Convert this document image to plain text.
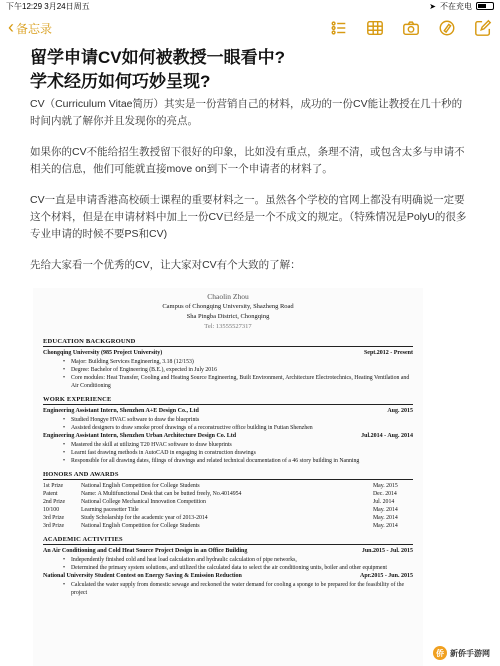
下午12:29 3月24日周五	➤ 不在充电
‹ 备忘录
留学申请CV如何被教授一眼看中?
学术经历如何巧妙呈现?

CV（Curriculum Vitae简历）其实是一份营销自己的材料，成功的一份CV能让教授在几十秒的时间内就了解你并且发现你的亮点。

如果你的CV不能给招生教授留下很好的印象，比如没有重点，条理不清，或包含太多与申请不相关的信息，他们可能就直接move on到下一个申请者的材料了。

CV一直是申请香港高校硕士课程的重要材料之一。虽然各个学校的官网上都没有明确说一定要这个材料，但是在申请材料中加上一份CV已经是一个不成文的规定。（特殊情况是PolyU的很多专业申请的时候不要PS和CV)

先给大家看一个优秀的CV，让大家对CV有个大致的了解：

Chaolin Zhou
Campus of Chongqing University, Shazheng Road
Sha Pingba District, Chongqing
Tel: 13555527317
EDUCATION BACKGROUND
Chongqing University (985 Project University)	Sept.2012 - Present
• Major: Building Services Engineering, 3.18 (12/153)
• Degree: Bachelor of Engineering (B.E.), expected in July 2016
• Core modules: Heat Transfer, Cooling and Heating Source Engineering, Built Environment, Architecture Electrotechnics, Heating Ventilation and Air Conditioning
WORK EXPERIENCE
Engineering Assistant Intern, Shenzhen A+E Design Co., Ltd	Aug. 2015
• Studied Hongye HVAC software to draw the blueprints
• Assisted designers to draw smoke proof drawings of a reconstructive office building in Futian Shenzhen
Engineering Assistant Intern, Shenzhen Urban Architecture Design Co. Ltd	Jul.2014 - Aug. 2014
• Mastered the skill at utilizing T20 HVAC software to draw blueprints
• Learnt fast drawing methods in AutoCAD in engaging in construction drawings
• Responsible for all drawing dates, filings of drawings and related technical documentation of a 46 story building in Nanning
HONORS AND AWARDS
1st Prize	National English Competition for College Students	May. 2015
Patent	Name: A Multifunctional Desk that can be butted freely, No.4014954	Dec. 2014
2nd Prize	National College Mechanical Innovation Competition	Jul. 2014
10/100	Learning pacesetter Title	May. 2014
3rd Prize	Study Scholarship for the academic year of 2013-2014	May. 2014
3rd Prize	National English Competition for College Students	May. 2014
ACADEMIC ACTIVITIES
An Air Conditioning and Cold Heat Source Project Design in an Office Building	Jun.2015 - Jul. 2015
• Independently finished cold and heat load calculation and hydraulic calculation of pipe networks,
• Determined the primary system solutions, and utilized the calculated data to select the air conditioning units, boiler and other equipment
National University Student Contest on Energy Saving & Emission Reduction	Apr.2015 - Jun. 2015
• Calculated the water supply from domestic sewage and reckoned the water demand for cooling a sponge to be prepared for the feasibility of the project
侨 新侨手游网
